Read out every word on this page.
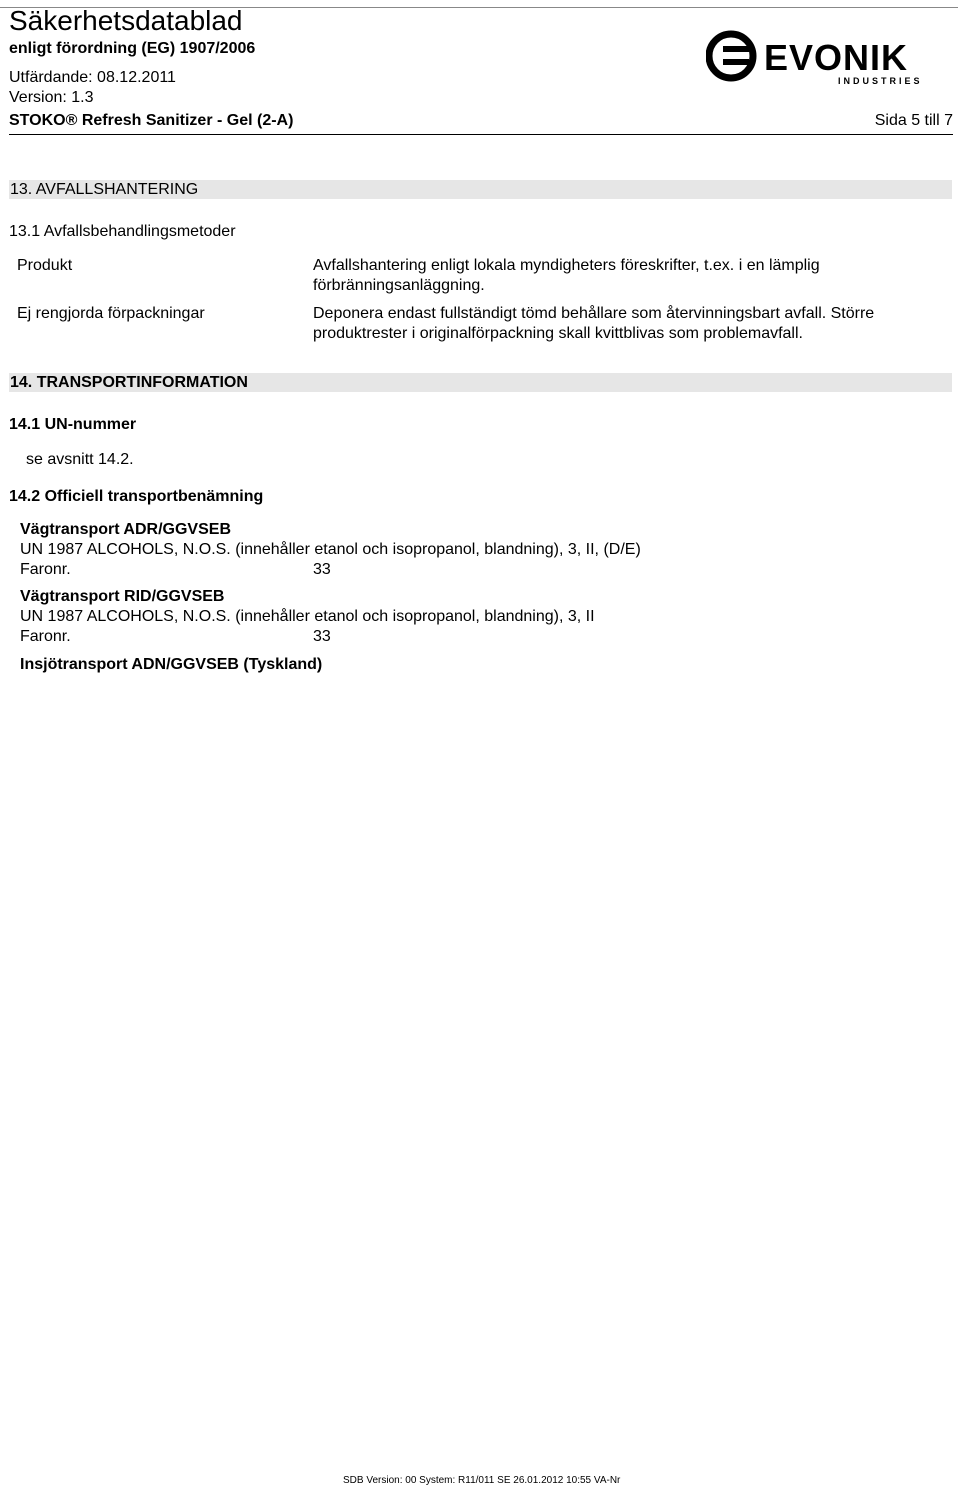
Säkerhetsdatablad
enligt förordning (EG) 1907/2006
Utfärdande: 08.12.2011
Version: 1.3
EVONIK
INDUSTRIES
STOKO® Refresh Sanitizer - Gel (2-A)	Sida 5 till 7
13. AVFALLSHANTERING
13.1 Avfallsbehandlingsmetoder
Produkt	Avfallshantering enligt lokala myndigheters föreskrifter, t.ex. i en lämplig
förbränningsanläggning.
Ej rengjorda förpackningar	Deponera endast fullständigt tömd behållare som återvinningsbart avfall. Större
produktrester i originalförpackning skall kvittblivas som problemavfall.
14. TRANSPORTINFORMATION
14.1 UN-nummer
se avsnitt 14.2.
14.2 Officiell transportbenämning
Vägtransport ADR/GGVSEB
UN 1987 ALCOHOLS, N.O.S. (innehåller etanol och isopropanol, blandning), 3, II, (D/E)
Faronr.	33
Vägtransport RID/GGVSEB
UN 1987 ALCOHOLS, N.O.S. (innehåller etanol och isopropanol, blandning), 3, II
Faronr.	33
Insjötransport ADN/GGVSEB (Tyskland)
SDB Version: 00 System: R11/011 SE 26.01.2012 10:55 VA-Nr
